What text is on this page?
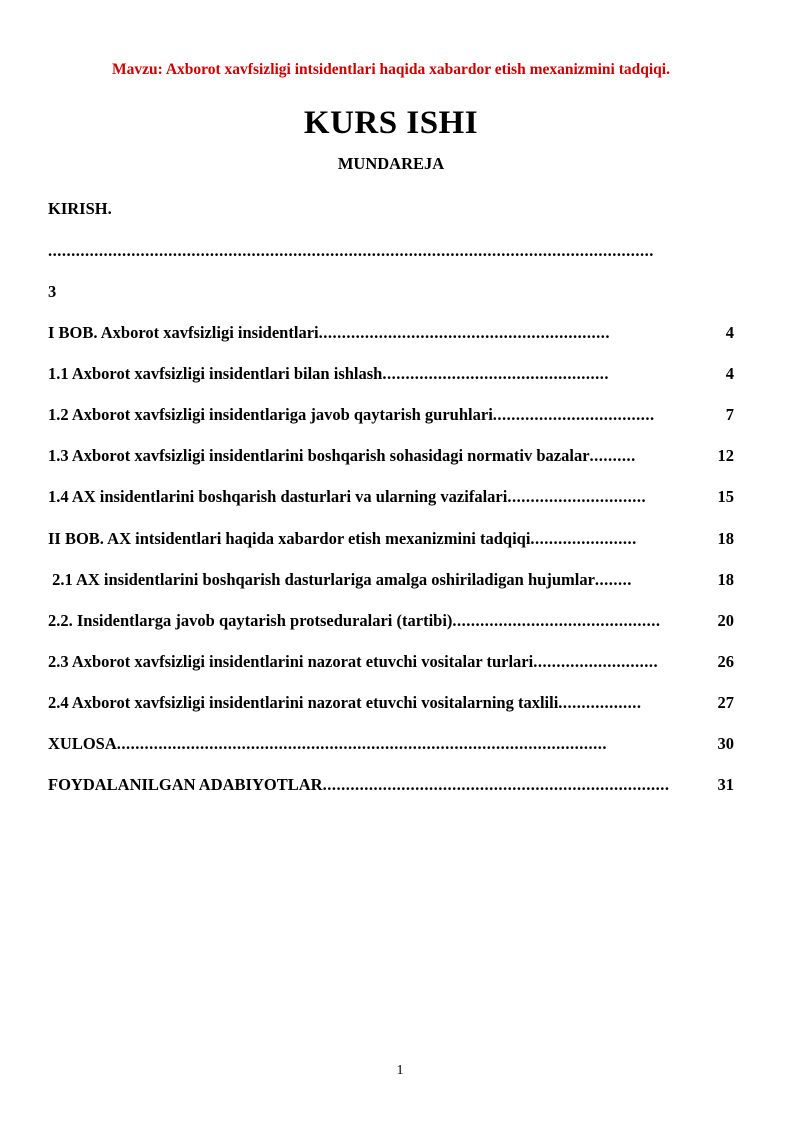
Mavzu: Axborot xavfsizligi intsidentlari haqida xabardor etish mexanizmini tadqiqi.
KURS ISHI
MUNDAREJA
KIRISH.
...................................................................................................................................
3
I BOB. Axborot xavfsizligi insidentlari ...............................................................	4
1.1 Axborot xavfsizligi insidentlari bilan ishlash .................................................	4
1.2 Axborot xavfsizligi insidentlariga javob qaytarish guruhlari ...................................	7
1.3 Axborot xavfsizligi insidentlarini boshqarish sohasidagi normativ bazalar ..........	12
1.4 AX insidentlarini boshqarish dasturlari va ularning vazifalari ..............................	15
II BOB. AX intsidentlari haqida xabardor etish mexanizmini tadqiqi .......................	18
2.1 AX insidentlarini boshqarish dasturlariga amalga oshiriladigan hujumlar ........	18
2.2. Insidentlarga javob qaytarish protseduralari (tartibi) .............................................	20
2.3 Axborot xavfsizligi insidentlarini nazorat etuvchi vositalar turlari ...........................	26
2.4 Axborot xavfsizligi insidentlarini nazorat etuvchi vositalarning taxlili ..................	27
XULOSA ..........................................................................................................	30
FOYDALANILGAN ADABIYOTLAR ...........................................................................	31
1
